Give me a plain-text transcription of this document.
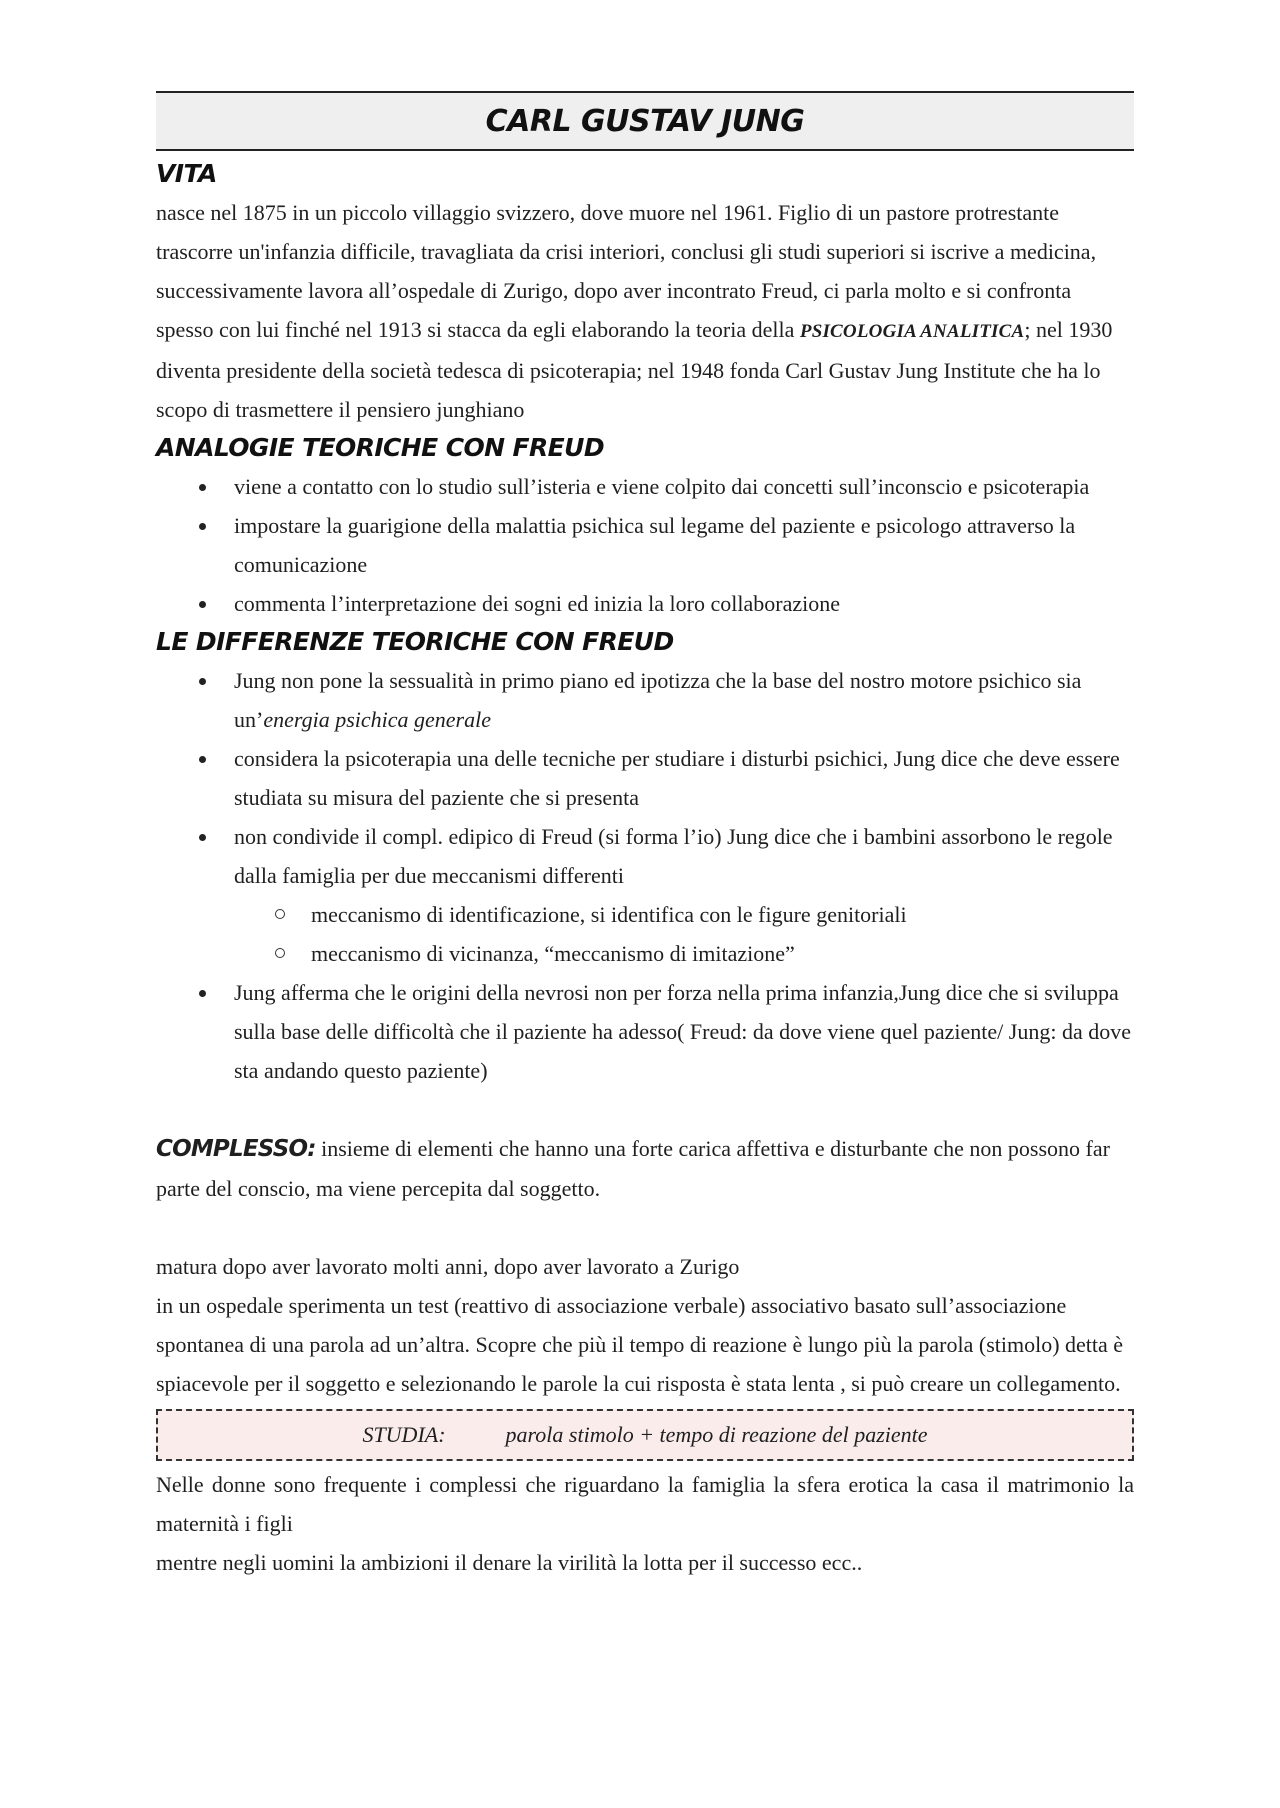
CARL GUSTAV JUNG
VITA

nasce nel 1875 in un piccolo villaggio svizzero, dove muore nel 1961. Figlio di un pastore protrestante trascorre un'infanzia difficile, travagliata da crisi interiori, conclusi gli studi superiori si iscrive a medicina, successivamente lavora all’ospedale di Zurigo, dopo aver incontrato Freud, ci parla molto e si confronta spesso con lui finché nel 1913 si stacca da egli elaborando la teoria della PSICOLOGIA ANALITICA; nel 1930 diventa presidente della società tedesca di psicoterapia; nel 1948 fonda Carl Gustav Jung Institute che ha lo scopo di trasmettere il pensiero junghiano

ANALOGIE TEORICHE CON FREUD
viene a contatto con lo studio sull’isteria e viene colpito dai concetti sull’inconscio e psicoterapia
impostare la guarigione della malattia psichica sul legame del paziente e psicologo attraverso la comunicazione
commenta l’interpretazione dei sogni ed inizia la loro collaborazione
LE DIFFERENZE TEORICHE CON FREUD
Jung non pone la sessualità in primo piano ed ipotizza che la base del nostro motore psichico sia un’energia psichica generale
considera la psicoterapia una delle tecniche per studiare i disturbi psichici, Jung dice che deve essere studiata su misura del paziente che si presenta
non condivide il compl. edipico di Freud (si forma l’io) Jung dice che i bambini assorbono le regole dalla famiglia per due meccanismi differenti
meccanismo di identificazione, si identifica con le figure genitoriali
meccanismo di vicinanza, “meccanismo di imitazione”
Jung afferma che le origini della nevrosi non per forza nella prima infanzia,Jung dice che si sviluppa sulla base delle difficoltà che il paziente ha adesso( Freud: da dove viene quel paziente/ Jung: da dove sta andando questo paziente)

COMPLESSO: insieme di elementi che hanno una forte carica affettiva e disturbante che non possono far parte del conscio, ma viene percepita dal soggetto.

matura dopo aver lavorato molti anni, dopo aver lavorato a Zurigo

in un ospedale sperimenta un test (reattivo di associazione verbale) associativo basato sull’associazione spontanea di una parola ad un’altra. Scopre che più il tempo di reazione è lungo più la parola (stimolo) detta è spiacevole per il soggetto e selezionando le parole la cui risposta è stata lenta , si può creare un collegamento.

STUDIA:	parola stimolo + tempo di reazione del paziente

Nelle donne sono frequente i complessi che riguardano la famiglia la sfera erotica la casa il matrimonio la maternità i figli

mentre negli uomini la ambizioni il denare la virilità la lotta per il successo ecc..
